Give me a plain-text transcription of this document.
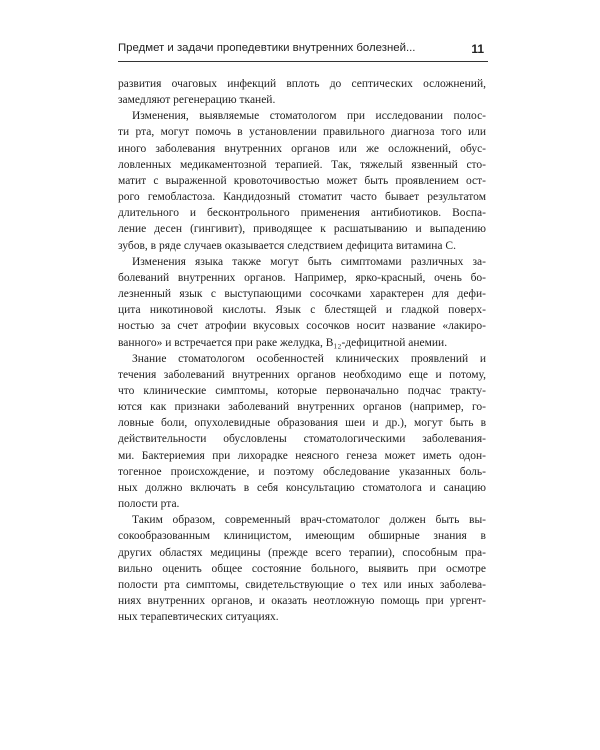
Предмет и задачи пропедевтики внутренних болезней...	11

развития очаговых инфекций вплоть до септических осложнений,
замедляют регенерацию тканей.

Изменения, выявляемые стоматологом при исследовании полос-
ти рта, могут помочь в установлении правильного диагноза того или
иного заболевания внутренних органов или же осложнений, обус-
ловленных медикаментозной терапией. Так, тяжелый язвенный сто-
матит с выраженной кровоточивостью может быть проявлением ост-
рого гемобластоза. Кандидозный стоматит часто бывает результатом
длительного и бесконтрольного применения антибиотиков. Воспа-
ление десен (гингивит), приводящее к расшатыванию и выпадению
зубов, в ряде случаев оказывается следствием дефицита витамина С.

Изменения языка также могут быть симптомами различных за-
болеваний внутренних органов. Например, ярко-красный, очень бо-
лезненный язык с выступающими сосочками характерен для дефи-
цита никотиновой кислоты. Язык с блестящей и гладкой поверх-
ностью за счет атрофии вкусовых сосочков носит название «лакиро-
ванного» и встречается при раке желудка, B₁₂-дефицитной анемии.

Знание стоматологом особенностей клинических проявлений и
течения заболеваний внутренних органов необходимо еще и потому,
что клинические симптомы, которые первоначально подчас тракту-
ются как признаки заболеваний внутренних органов (например, го-
ловные боли, опухолевидные образования шеи и др.), могут быть в
действительности обусловлены стоматологическими заболевания-
ми. Бактериемия при лихорадке неясного генеза может иметь одон-
тогенное происхождение, и поэтому обследование указанных боль-
ных должно включать в себя консультацию стоматолога и санацию
полости рта.

Таким образом, современный врач-стоматолог должен быть вы-
сокообразованным клиницистом, имеющим обширные знания в
других областях медицины (прежде всего терапии), способным пра-
вильно оценить общее состояние больного, выявить при осмотре
полости рта симптомы, свидетельствующие о тех или иных заболева-
ниях внутренних органов, и оказать неотложную помощь при ургент-
ных терапевтических ситуациях.
